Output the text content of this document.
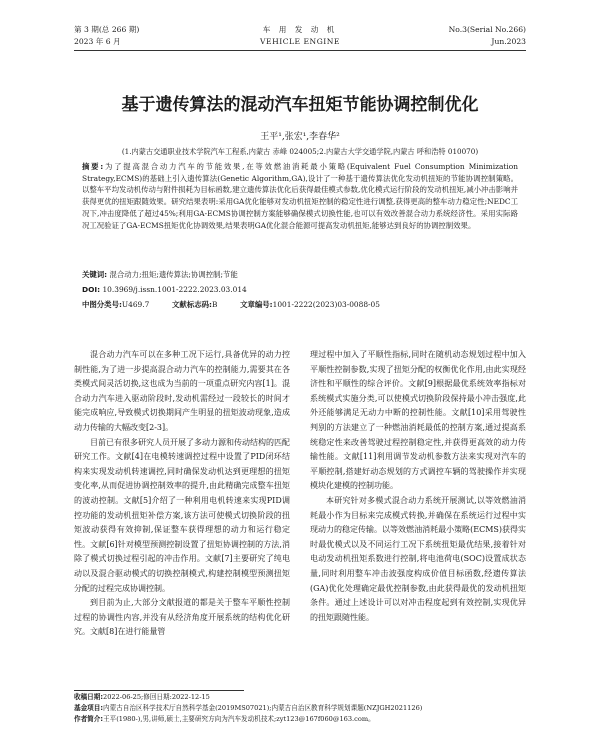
第 3 期(总 266 期)
2023 年 6 月
车 用 发 动 机
VEHICLE ENGINE
No.3(Serial No.266)
Jun.2023
基于遗传算法的混动汽车扭矩节能协调控制优化
王平¹,张宏¹,李春华²
(1.内蒙古交通职业技术学院汽车工程系,内蒙古 赤峰 024005;2.内蒙古大学交通学院,内蒙古 呼和浩特 010070)
摘要:为了提高混合动力汽车的节能效果,在等效燃油消耗最小策略(Equivalent Fuel Consumption Minimization Strategy,ECMS)的基础上引入遗传算法(Genetic Algorithm,GA),设计了一种基于遗传算法优化发动机扭矩的节能协调控制策略。以整车平均发动机传动与附件损耗为目标函数,建立遗传算法优化后获得最佳模式参数,优化模式运行阶段的发动机扭矩,减小冲击影响并获得更优的扭矩跟随效果。研究结果表明:采用GA优化能够对发动机扭矩控制的稳定性进行调整,获得更高的整车动力稳定性;NEDC工况下,冲击度降低了超过45%;利用GA-ECMS协调控制方案能够确保模式切换性能,也可以有效改善混合动力系统经济性。采用实际路况工况验证了GA-ECMS扭矩优化协调效果,结果表明GA优化混合能源可提高发动机扭矩,能够达到良好的协调控制效果。
关键词: 混合动力;扭矩;遗传算法;协调控制;节能
DOI: 10.3969/j.issn.1001-2222.2023.03.014
中图分类号:U469.7	文献标志码:B	文章编号:1001-2222(2023)03-0088-05

混合动力汽车可以在多种工况下运行,具备优异的动力控制性能,为了进一步提高混合动力汽车的控制能力,需要其在各类模式间灵活切换,这也成为当前的一项重点研究内容[1]。混合动力汽车进入驱动阶段时,发动机需经过一段较长的时间才能完成响应,导致模式切换期间产生明显的扭矩波动现象,造成动力传输的大幅改变[2-3]。

目前已有很多研究人员开展了多动力源和传动结构的匹配研究工作。文献[4]在电模转速调控过程中设置了PID闭环结构来实现发动机转速调控,同时确保发动机达到更理想的扭矩变化率,从而促进协调控制效率的提升,由此精确完成整车扭矩的波动控制。文献[5]介绍了一种利用电机转速来实现PID调控功能的发动机扭矩补偿方案,该方法可使模式切换阶段的扭矩波动获得有效抑制,保证整车获得理想的动力和运行稳定性。文献[6]针对模型预测控制设置了扭矩协调控制的方法,消除了模式切换过程引起的冲击作用。文献[7]主要研究了纯电动以及混合驱动模式的切换控制模式,构建控制模型预测扭矩分配的过程完成协调控制。

到目前为止,大部分文献报道的都是关于整车平顺性控制过程的协调性内容,并没有从经济角度开展系统的结构优化研究。文献[8]在进行能量管

理过程中加入了平顺性指标,同时在随机动态规划过程中加入平顺性控制参数,实现了扭矩分配的权衡优化作用,由此实现经济性和平顺性的综合评价。文献[9]根据最优系统效率指标对系统模式实施分类,可以使模式切换阶段保持最小冲击强度,此外还能够满足无动力中断的控制性能。文献[10]采用驾驶性判别的方法建立了一种燃油消耗最低的控制方案,通过提高系统稳定性来改善驾驶过程控制稳定性,并获得更高效的动力传输性能。文献[11]利用调节发动机参数方法来实现对汽车的平顺控制,搭建好动态规划的方式调控车辆的驾驶操作并实现模块化建模的控制功能。

本研究针对多模式混合动力系统开展测试,以等效燃油消耗最小作为目标来完成模式转换,并确保在系统运行过程中实现动力的稳定传输。以等效燃油消耗最小策略(ECMS)获得实时最优模式以及不同运行工况下系统扭矩最优结果,接着针对电动发动机扭矩系数进行控制,将电池荷电(SOC)设置成状态量,同时利用整车冲击波强度构成价值目标函数,经遗传算法(GA)优化处理确定最优控制参数,由此获得最优的发动机扭矩条件。通过上述设计可以对冲击程度起到有效控制,实现优异的扭矩跟随性能。

收稿日期:2022-06-25;修回日期:2022-12-15
基金项目:内蒙古自治区科学技术厅自然科学基金(2019MS07021);内蒙古自治区教育科学规划课题(NZJGH2021126)
作者简介:王平(1980-),男,讲师,硕士,主要研究方向为汽车发动机技术;zyt123@167f060@163.com。
